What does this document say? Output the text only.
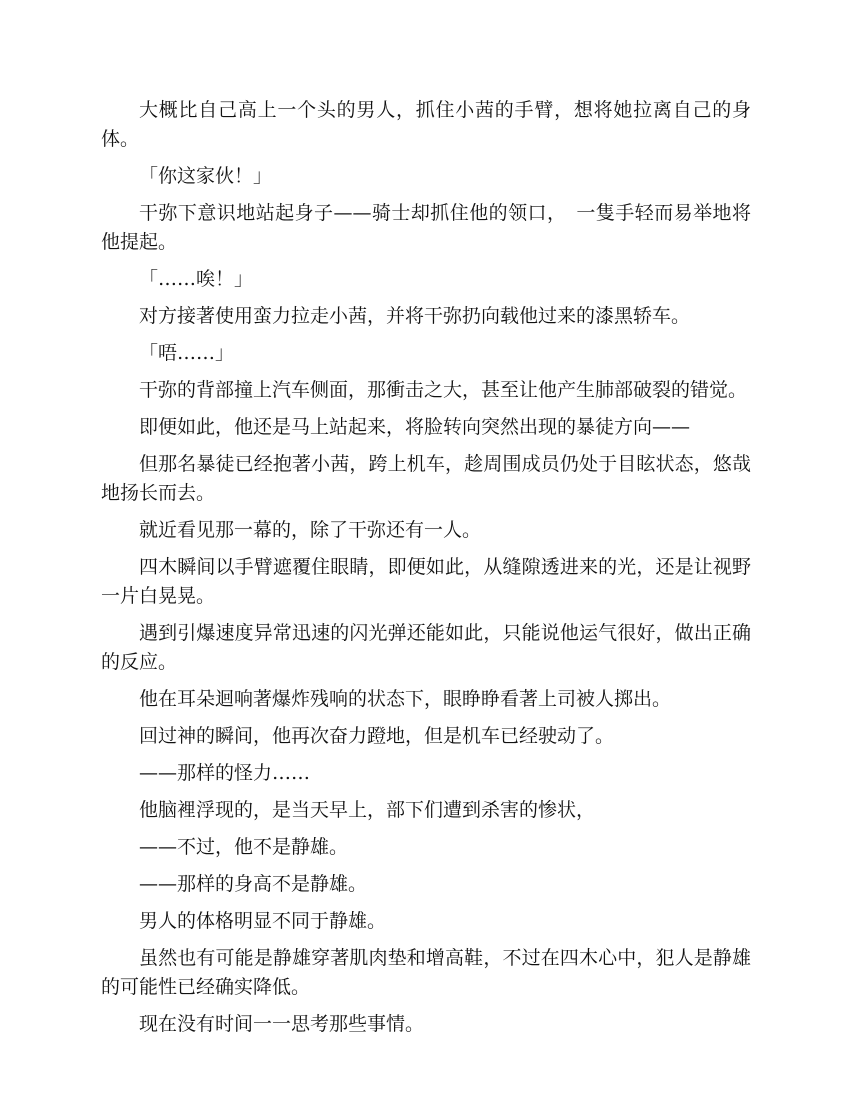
大概比自己高上一个头的男人，抓住小茜的手臂，想将她拉离自己的身体。

「你这家伙！」

干弥下意识地站起身子——骑士却抓住他的领口，　一隻手轻而易举地将他提起。

「……唉！」

对方接著使用蛮力拉走小茜，并将干弥扔向载他过来的漆黑轿车。

「唔……」

干弥的背部撞上汽车侧面，那衝击之大，甚至让他产生肺部破裂的错觉。

即便如此，他还是马上站起来，将脸转向突然出现的暴徒方向——

但那名暴徒已经抱著小茜，跨上机车，趁周围成员仍处于目眩状态，悠哉地扬长而去。

就近看见那一幕的，除了干弥还有一人。

四木瞬间以手臂遮覆住眼睛，即便如此，从缝隙透进来的光，还是让视野一片白晃晃。

遇到引爆速度异常迅速的闪光弹还能如此，只能说他运气很好，做出正确的反应。

他在耳朵迴响著爆炸残响的状态下，眼睁睁看著上司被人掷出。

回过神的瞬间，他再次奋力蹬地，但是机车已经驶动了。

——那样的怪力……

他脑裡浮现的，是当天早上，部下们遭到杀害的惨状，

——不过，他不是静雄。

——那样的身高不是静雄。

男人的体格明显不同于静雄。

虽然也有可能是静雄穿著肌肉垫和增高鞋，不过在四木心中，犯人是静雄的可能性已经确实降低。

现在没有时间一一思考那些事情。
